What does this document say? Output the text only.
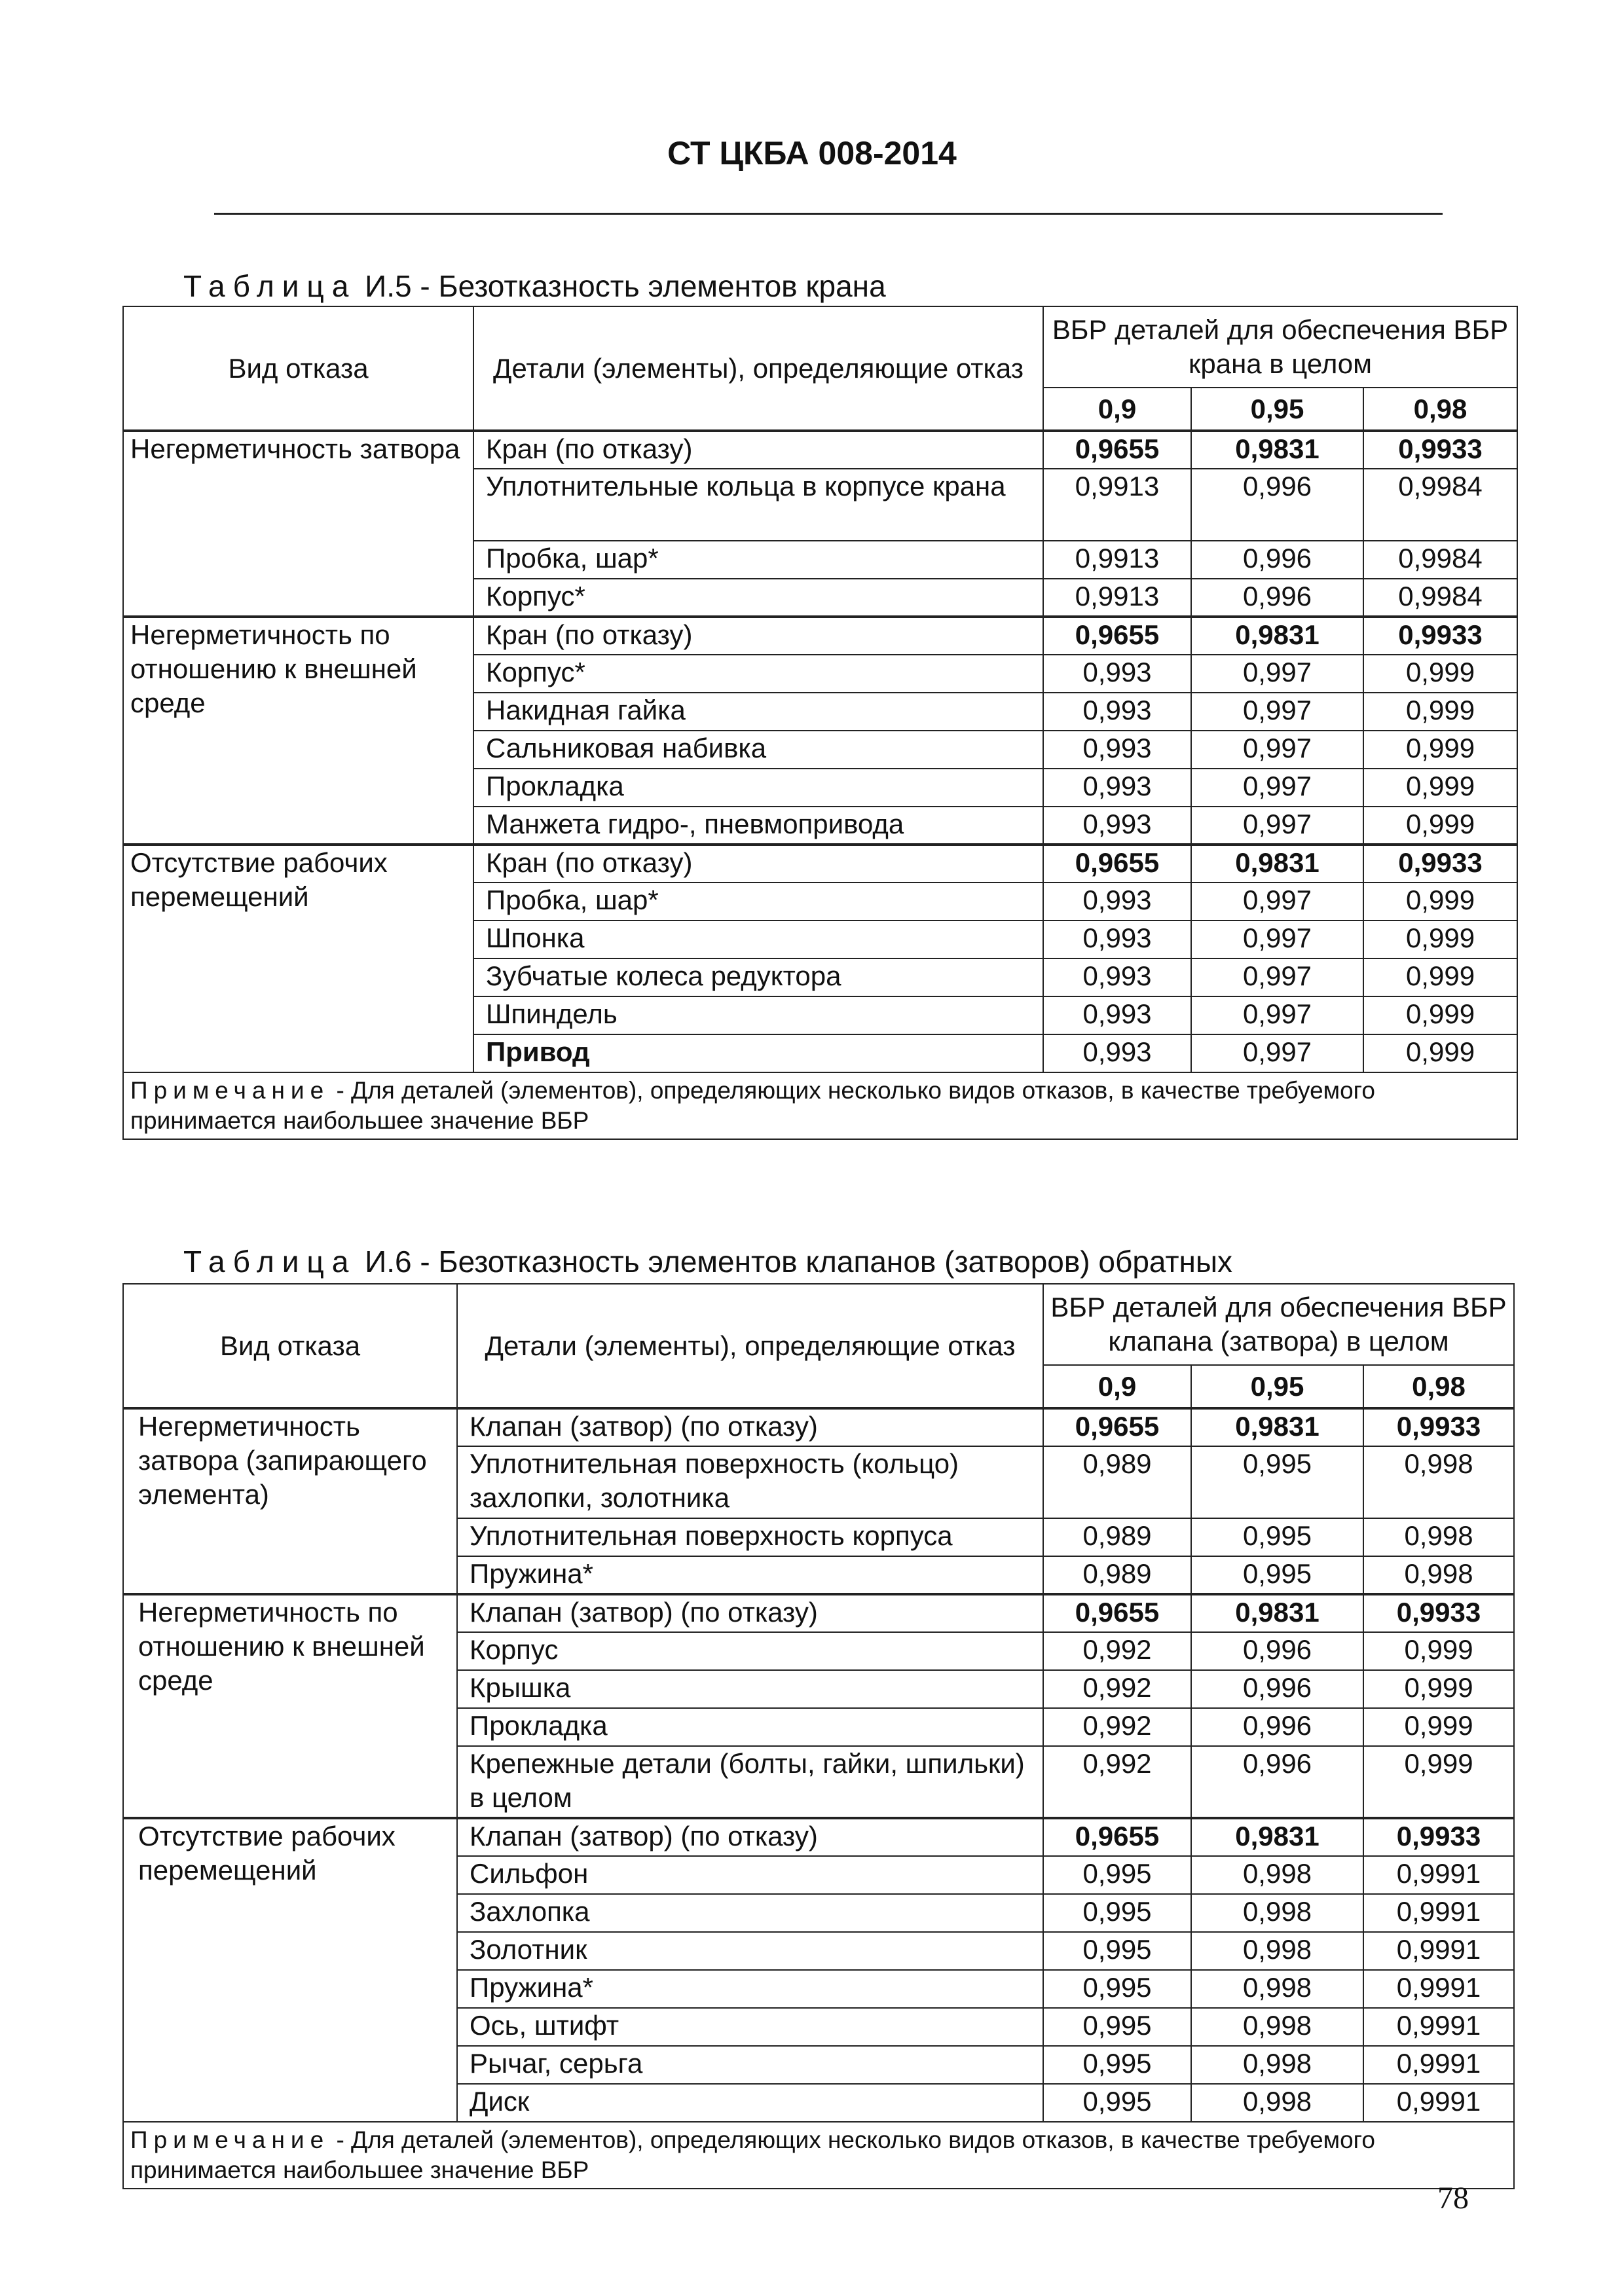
СТ ЦКБА 008-2014
Таблица И.5 - Безотказность элементов крана
Вид отказа	Детали (элементы), определяющие отказ	ВБР деталей для обеспечения ВБР крана в целом		
		0,9	0,95	0,98
Негерметичность затвора	Кран (по отказу)	0,9655	0,9831	0,9933
	Уплотнительные кольца в корпусе крана	0,9913	0,996	0,9984
	Пробка, шар*	0,9913	0,996	0,9984
	Корпус*	0,9913	0,996	0,9984
Негерметичность по отношению к внешней среде	Кран (по отказу)	0,9655	0,9831	0,9933
	Корпус*	0,993	0,997	0,999
	Накидная гайка	0,993	0,997	0,999
	Сальниковая набивка	0,993	0,997	0,999
	Прокладка	0,993	0,997	0,999
	Манжета гидро-, пневмопривода	0,993	0,997	0,999
Отсутствие рабочих перемещений	Кран (по отказу)	0,9655	0,9831	0,9933
	Пробка, шар*	0,993	0,997	0,999
	Шпонка	0,993	0,997	0,999
	Зубчатые колеса редуктора	0,993	0,997	0,999
	Шпиндель	0,993	0,997	0,999
	Привод	0,993	0,997	0,999
Примечание - Для деталей (элементов), определяющих несколько видов отказов, в качестве требуемого принимается наибольшее значение ВБР				
Таблица И.6 - Безотказность элементов клапанов (затворов) обратных
Вид отказа	Детали (элементы), определяющие отказ	ВБР деталей для обеспечения ВБР клапана (затвора) в целом		
		0,9	0,95	0,98
Негерметичность затвора (запирающего элемента)	Клапан (затвор) (по отказу)	0,9655	0,9831	0,9933
	Уплотнительная поверхность (кольцо) захлопки, золотника	0,989	0,995	0,998
	Уплотнительная поверхность корпуса	0,989	0,995	0,998
	Пружина*	0,989	0,995	0,998
Негерметичность по отношению к внешней среде	Клапан (затвор) (по отказу)	0,9655	0,9831	0,9933
	Корпус	0,992	0,996	0,999
	Крышка	0,992	0,996	0,999
	Прокладка	0,992	0,996	0,999
	Крепежные детали (болты, гайки, шпильки) в целом	0,992	0,996	0,999
Отсутствие рабочих перемещений	Клапан (затвор) (по отказу)	0,9655	0,9831	0,9933
	Сильфон	0,995	0,998	0,9991
	Захлопка	0,995	0,998	0,9991
	Золотник	0,995	0,998	0,9991
	Пружина*	0,995	0,998	0,9991
	Ось, штифт	0,995	0,998	0,9991
	Рычаг, серьга	0,995	0,998	0,9991
	Диск	0,995	0,998	0,9991
Примечание - Для деталей (элементов), определяющих несколько видов отказов, в качестве требуемого принимается наибольшее значение ВБР				
78
